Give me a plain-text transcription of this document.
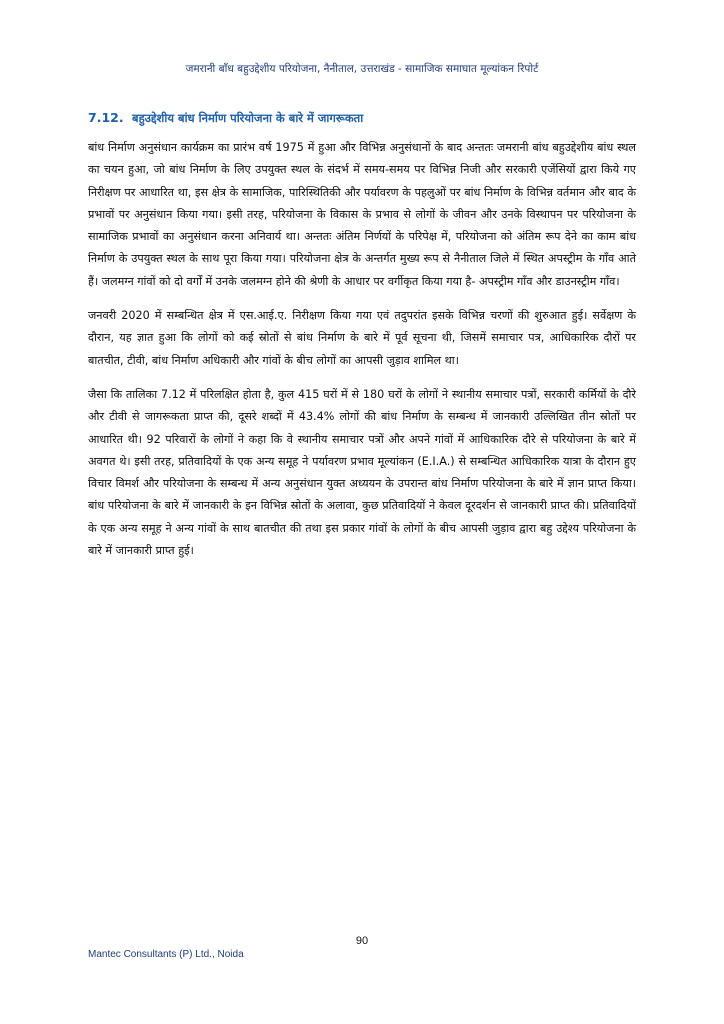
जमरानी बाँध बहुउद्देशीय परियोजना, नैनीताल, उत्तराखंड - सामाजिक समाघात मूल्यांकन रिपोर्ट
7.12. बहुउद्देशीय बांध निर्माण परियोजना के बारे में जागरूकता

बांध निर्माण अनुसंधान कार्यक्रम का प्रारंभ वर्ष 1975 में हुआ और विभिन्न अनुसंधानों के बाद अन्ततः जमरानी बांध बहुउद्देशीय बांध स्थल का चयन हुआ, जो बांध निर्माण के लिए उपयुक्त स्थल के संदर्भ में समय-समय पर विभिन्न निजी और सरकारी एजेंसियों द्वारा किये गए निरीक्षण पर आधारित था, इस क्षेत्र के सामाजिक, पारिस्थितिकी और पर्यावरण के पहलुओं पर बांध निर्माण के विभिन्न वर्तमान और बाद के प्रभावों पर अनुसंधान किया गया। इसी तरह, परियोजना के विकास के प्रभाव से लोगों के जीवन और उनके विस्थापन पर परियोजना के सामाजिक प्रभावों का अनुसंधान करना अनिवार्य था। अन्ततः अंतिम निर्णयों के परिपेक्ष में, परियोजना को अंतिम रूप देने का काम बांध निर्माण के उपयुक्त स्थल के साथ पूरा किया गया। परियोजना क्षेत्र के अन्तर्गत मुख्य रूप से नैनीताल जिले में स्थित अपस्ट्रीम के गाँव आते हैं। जलमग्न गांवों को दो वर्गों में उनके जलमग्न होने की श्रेणी के आधार पर वर्गीकृत किया गया है- अपस्ट्रीम गाँव और डाउनस्ट्रीम गाँव।

जनवरी 2020 में सम्बन्धित क्षेत्र में एस.आई.ए. निरीक्षण किया गया एवं तदुपरांत इसके विभिन्न चरणों की शुरुआत हुई। सर्वेक्षण के दौरान, यह ज्ञात हुआ कि लोगों को कई स्रोतों से बांध निर्माण के बारे में पूर्व सूचना थी, जिसमें समाचार पत्र, आधिकारिक दौरों पर बातचीत, टीवी, बांध निर्माण अधिकारी और गांवों के बीच लोगों का आपसी जुड़ाव शामिल था।

जैसा कि तालिका 7.12 में परिलक्षित होता है, कुल 415 घरों में से 180 घरों के लोगों ने स्थानीय समाचार पत्रों, सरकारी कर्मियों के दौरे और टीवी से जागरूकता प्राप्त की, दूसरे शब्दों में 43.4% लोगों की बांध निर्माण के सम्बन्ध में जानकारी उल्लिखित तीन स्रोतों पर आधारित थी। 92 परिवारों के लोगों ने कहा कि वे स्थानीय समाचार पत्रों और अपने गांवों में आधिकारिक दौरे से परियोजना के बारे में अवगत थे। इसी तरह, प्रतिवादियों के एक अन्य समूह ने पर्यावरण प्रभाव मूल्यांकन (E.I.A.) से सम्बन्धित आधिकारिक यात्रा के दौरान हुए विचार विमर्श और परियोजना के सम्बन्ध में अन्य अनुसंधान युक्त अध्ययन के उपरान्त बांध निर्माण परियोजना के बारे में ज्ञान प्राप्त किया। बांध परियोजना के बारे में जानकारी के इन विभिन्न स्रोतों के अलावा, कुछ प्रतिवादियों ने केवल दूरदर्शन से जानकारी प्राप्त की। प्रतिवादियों के एक अन्य समूह ने अन्य गांवों के साथ बातचीत की तथा इस प्रकार गांवों के लोगों के बीच आपसी जुड़ाव द्वारा बहु उद्देश्य परियोजना के बारे में जानकारी प्राप्त हुई।

90
Mantec Consultants (P) Ltd., Noida
